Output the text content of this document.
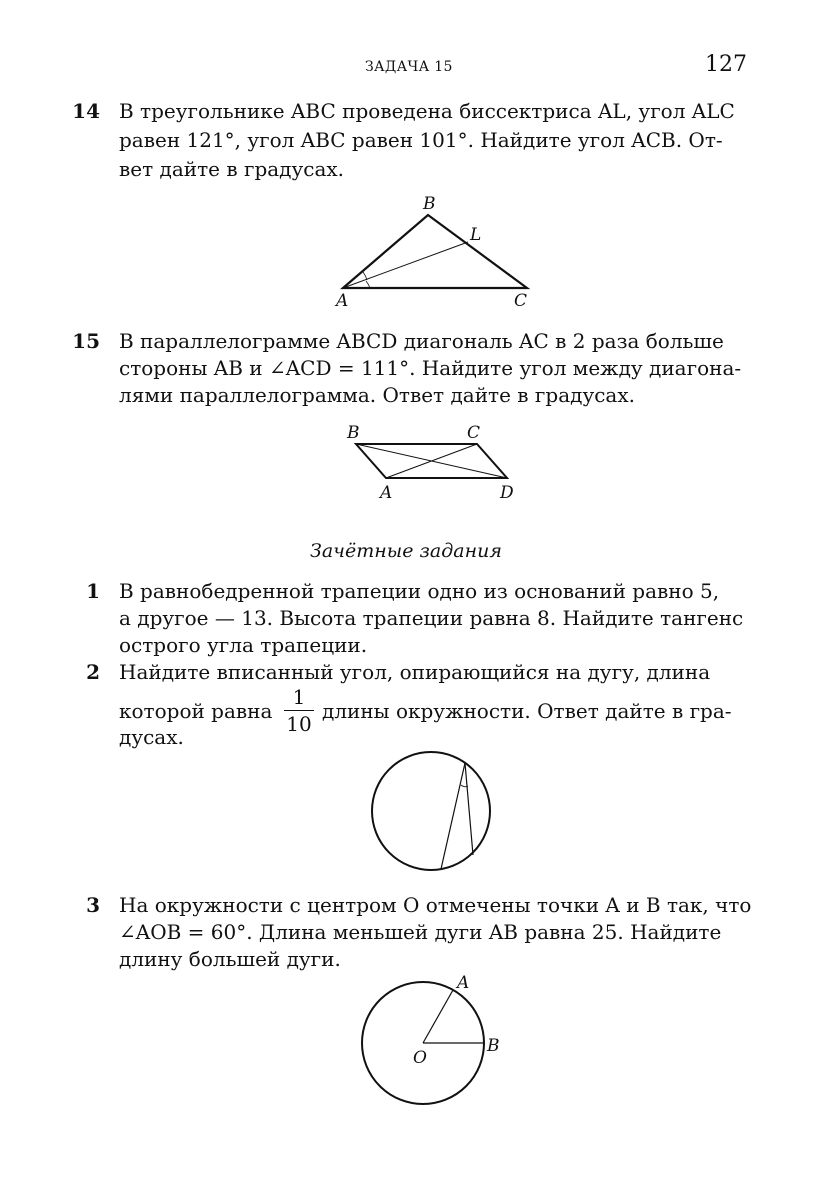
ЗАДАЧА 15	127
14 В треугольнике ABC проведена биссектриса AL, угол ALC
равен 121°, угол ABC равен 101°. Найдите угол ACB. От-
вет дайте в градусах.
15 В параллелограмме ABCD диагональ AC в 2 раза больше
стороны AB и ∠ACD = 111°. Найдите угол между диагона-
лями параллелограмма. Ответ дайте в градусах.
Зачётные задания
1 В равнобедренной трапеции одно из оснований равно 5,
а другое — 13. Высота трапеции равна 8. Найдите тангенс
острого угла трапеции.
2 Найдите вписанный угол, опирающийся на дугу, длина
которой равна
1
10
длины окружности. Ответ дайте в гра-
дусах.
3 На окружности с центром O отмечены точки A и B так, что
∠AOB = 60°. Длина меньшей дуги AB равна 25. Найдите
длину большей дуги.
B
L
A	C
B	C
A	D
A
O
B
